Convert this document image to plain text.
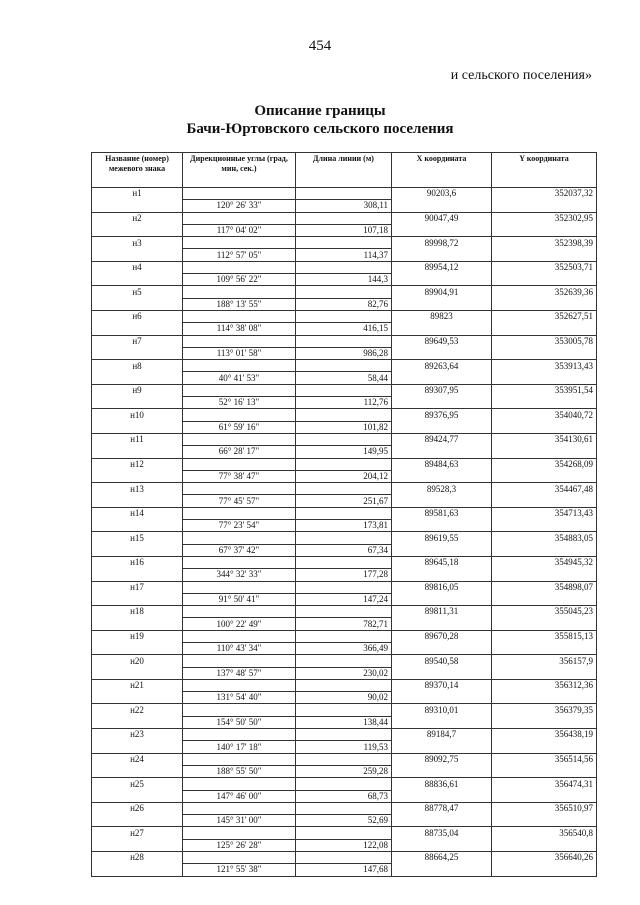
454
и сельского поселения»
Описание границы
Бачи-Юртовского сельского поселения
Название (номер) межевого знака	Дирекционные углы (град, мин, сек.)	Длина линии (м)	X координата	Y координата
н1			90203,6	352037,32
	120° 26' 33"	308,11		
н2			90047,49	352302,95
	117° 04' 02"	107,18		
н3			89998,72	352398,39
	112° 57' 05"	114,37		
н4			89954,12	352503,71
	109° 56' 22"	144,3		
н5			89904,91	352639,36
	188° 13' 55"	82,76		
н6			89823	352627,51
	114° 38' 08"	416,15		
н7			89649,53	353005,78
	113° 01' 58"	986,28		
н8			89263,64	353913,43
	40° 41' 53"	58,44		
н9			89307,95	353951,54
	52° 16' 13"	112,76		
н10			89376,95	354040,72
	61° 59' 16"	101,82		
н11			89424,77	354130,61
	66° 28' 17"	149,95		
н12			89484,63	354268,09
	77° 38' 47"	204,12		
н13			89528,3	354467,48
	77° 45' 57"	251,67		
н14			89581,63	354713,43
	77° 23' 54"	173,81		
н15			89619,55	354883,05
	67° 37' 42"	67,34		
н16			89645,18	354945,32
	344° 32' 33"	177,28		
н17			89816,05	354898,07
	91° 50' 41"	147,24		
н18			89811,31	355045,23
	100° 22' 49"	782,71		
н19			89670,28	355815,13
	110° 43' 34"	366,49		
н20			89540,58	356157,9
	137° 48' 57"	230,02		
н21			89370,14	356312,36
	131° 54' 40"	90,02		
н22			89310,01	356379,35
	154° 50' 50"	138,44		
н23			89184,7	356438,19
	140° 17' 18"	119,53		
н24			89092,75	356514,56
	188° 55' 50"	259,28		
н25			88836,61	356474,31
	147° 46' 00"	68,73		
н26			88778,47	356510,97
	145° 31' 00"	52,69		
н27			88735,04	356540,8
	125° 26' 28"	122,08		
н28			88664,25	356640,26
	121° 55' 38"	147,68		
